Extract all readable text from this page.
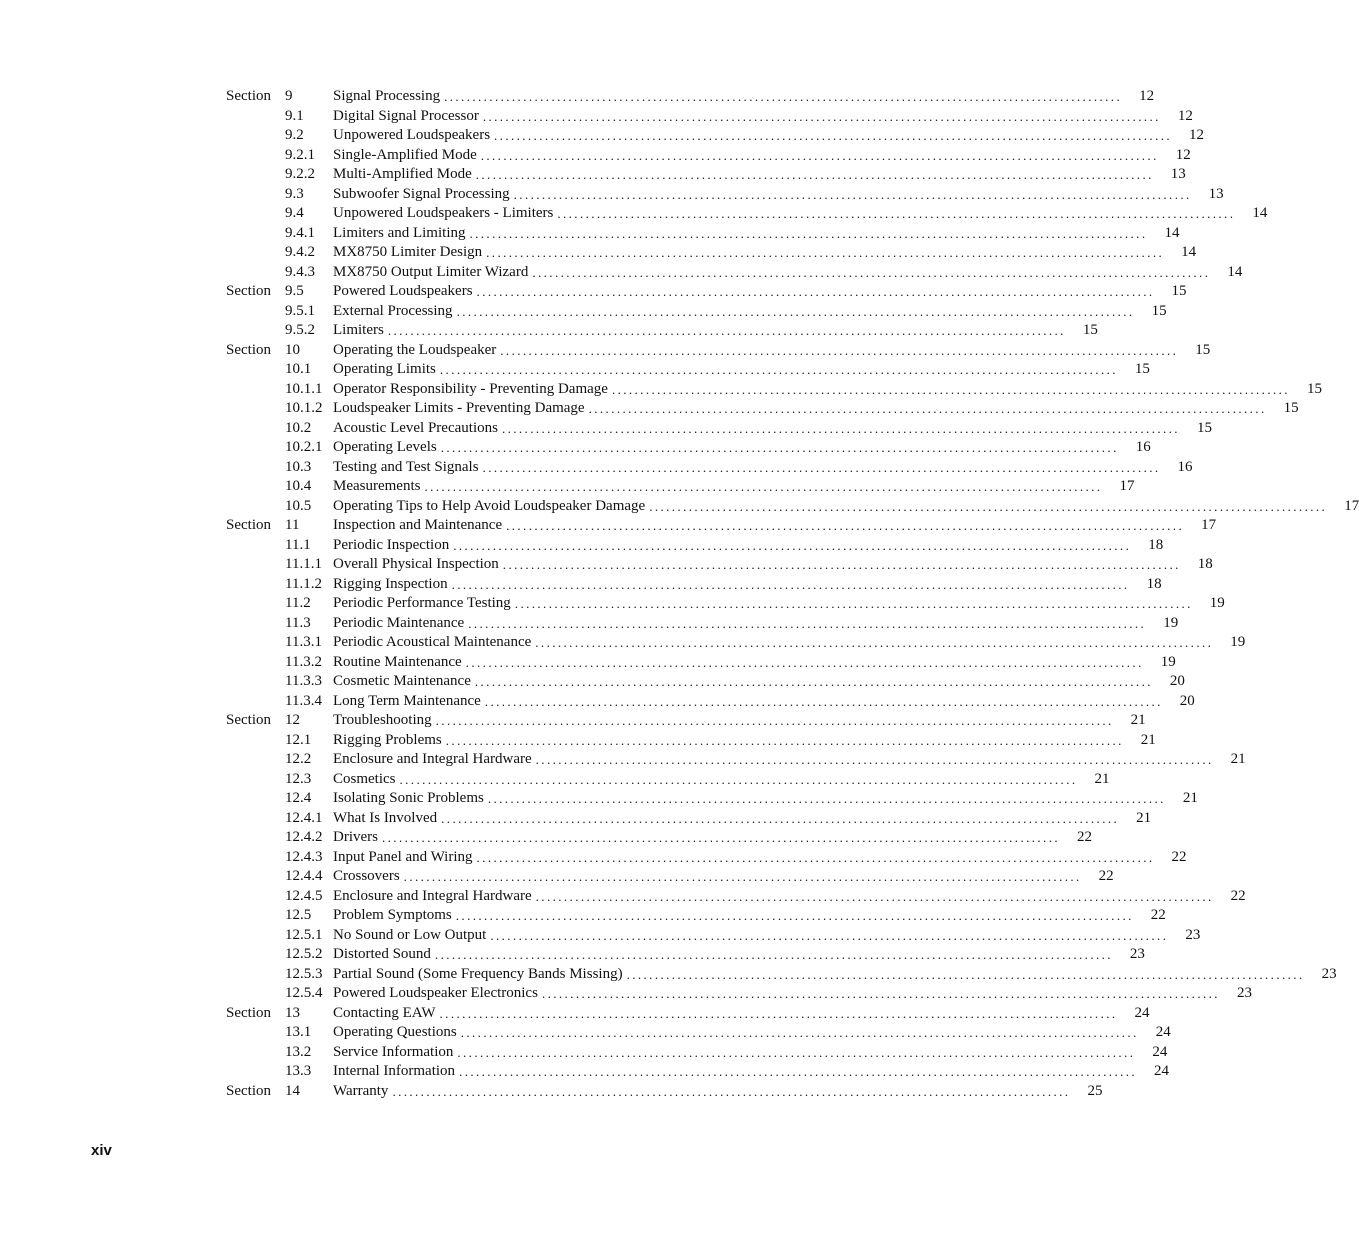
Section 9	Signal Processing ........................................................................................................................	12
9.1	Digital Signal Processor ........................................................................................................................	12
9.2	Unpowered Loudspeakers ........................................................................................................................	12
9.2.1	Single-Amplified Mode ........................................................................................................................	12
9.2.2	Multi-Amplified Mode ........................................................................................................................	13
9.3	Subwoofer Signal Processing ........................................................................................................................	13
9.4	Unpowered Loudspeakers - Limiters ........................................................................................................................	14
9.4.1	Limiters and Limiting ........................................................................................................................	14
9.4.2	MX8750 Limiter Design ........................................................................................................................	14
9.4.3	MX8750 Output Limiter Wizard ........................................................................................................................	14
Section 9.5	Powered Loudspeakers ........................................................................................................................	15
9.5.1	External Processing ........................................................................................................................	15
9.5.2	Limiters ........................................................................................................................	15
Section 10	Operating the Loudspeaker ........................................................................................................................	15
10.1	Operating Limits ........................................................................................................................	15
10.1.1 Operator Responsibility - Preventing Damage ........................................................................................................................	15
10.1.2 Loudspeaker Limits - Preventing Damage ........................................................................................................................	15
10.2	Acoustic Level Precautions ........................................................................................................................	15
10.2.1 Operating Levels ........................................................................................................................	16
10.3	Testing and Test Signals ........................................................................................................................	16
10.4	Measurements ........................................................................................................................	17
10.5	Operating Tips to Help Avoid Loudspeaker Damage ........................................................................................................................	17
Section 11	Inspection and Maintenance ........................................................................................................................	17
11.1	Periodic Inspection ........................................................................................................................	18
11.1.1 Overall Physical Inspection ........................................................................................................................	18
11.1.2 Rigging Inspection ........................................................................................................................	18
11.2	Periodic Performance Testing ........................................................................................................................	19
11.3	Periodic Maintenance ........................................................................................................................	19
11.3.1 Periodic Acoustical Maintenance ........................................................................................................................	19
11.3.2 Routine Maintenance ........................................................................................................................	19
11.3.3 Cosmetic Maintenance ........................................................................................................................	20
11.3.4 Long Term Maintenance ........................................................................................................................	20
Section 12	Troubleshooting ........................................................................................................................	21
12.1	Rigging Problems ........................................................................................................................	21
12.2	Enclosure and Integral Hardware ........................................................................................................................	21
12.3	Cosmetics ........................................................................................................................	21
12.4	Isolating Sonic Problems ........................................................................................................................	21
12.4.1 What Is Involved ........................................................................................................................	21
12.4.2 Drivers ........................................................................................................................	22
12.4.3 Input Panel and Wiring ........................................................................................................................	22
12.4.4 Crossovers ........................................................................................................................	22
12.4.5 Enclosure and Integral Hardware ........................................................................................................................	22
12.5	Problem Symptoms ........................................................................................................................	22
12.5.1 No Sound or Low Output ........................................................................................................................	23
12.5.2 Distorted Sound ........................................................................................................................	23
12.5.3 Partial Sound (Some Frequency Bands Missing) ........................................................................................................................	23
12.5.4 Powered Loudspeaker Electronics ........................................................................................................................	23
Section 13	Contacting EAW ........................................................................................................................	24
13.1	Operating Questions ........................................................................................................................	24
13.2	Service Information ........................................................................................................................	24
13.3	Internal Information ........................................................................................................................	24
Section 14	Warranty ........................................................................................................................	25
xiv
